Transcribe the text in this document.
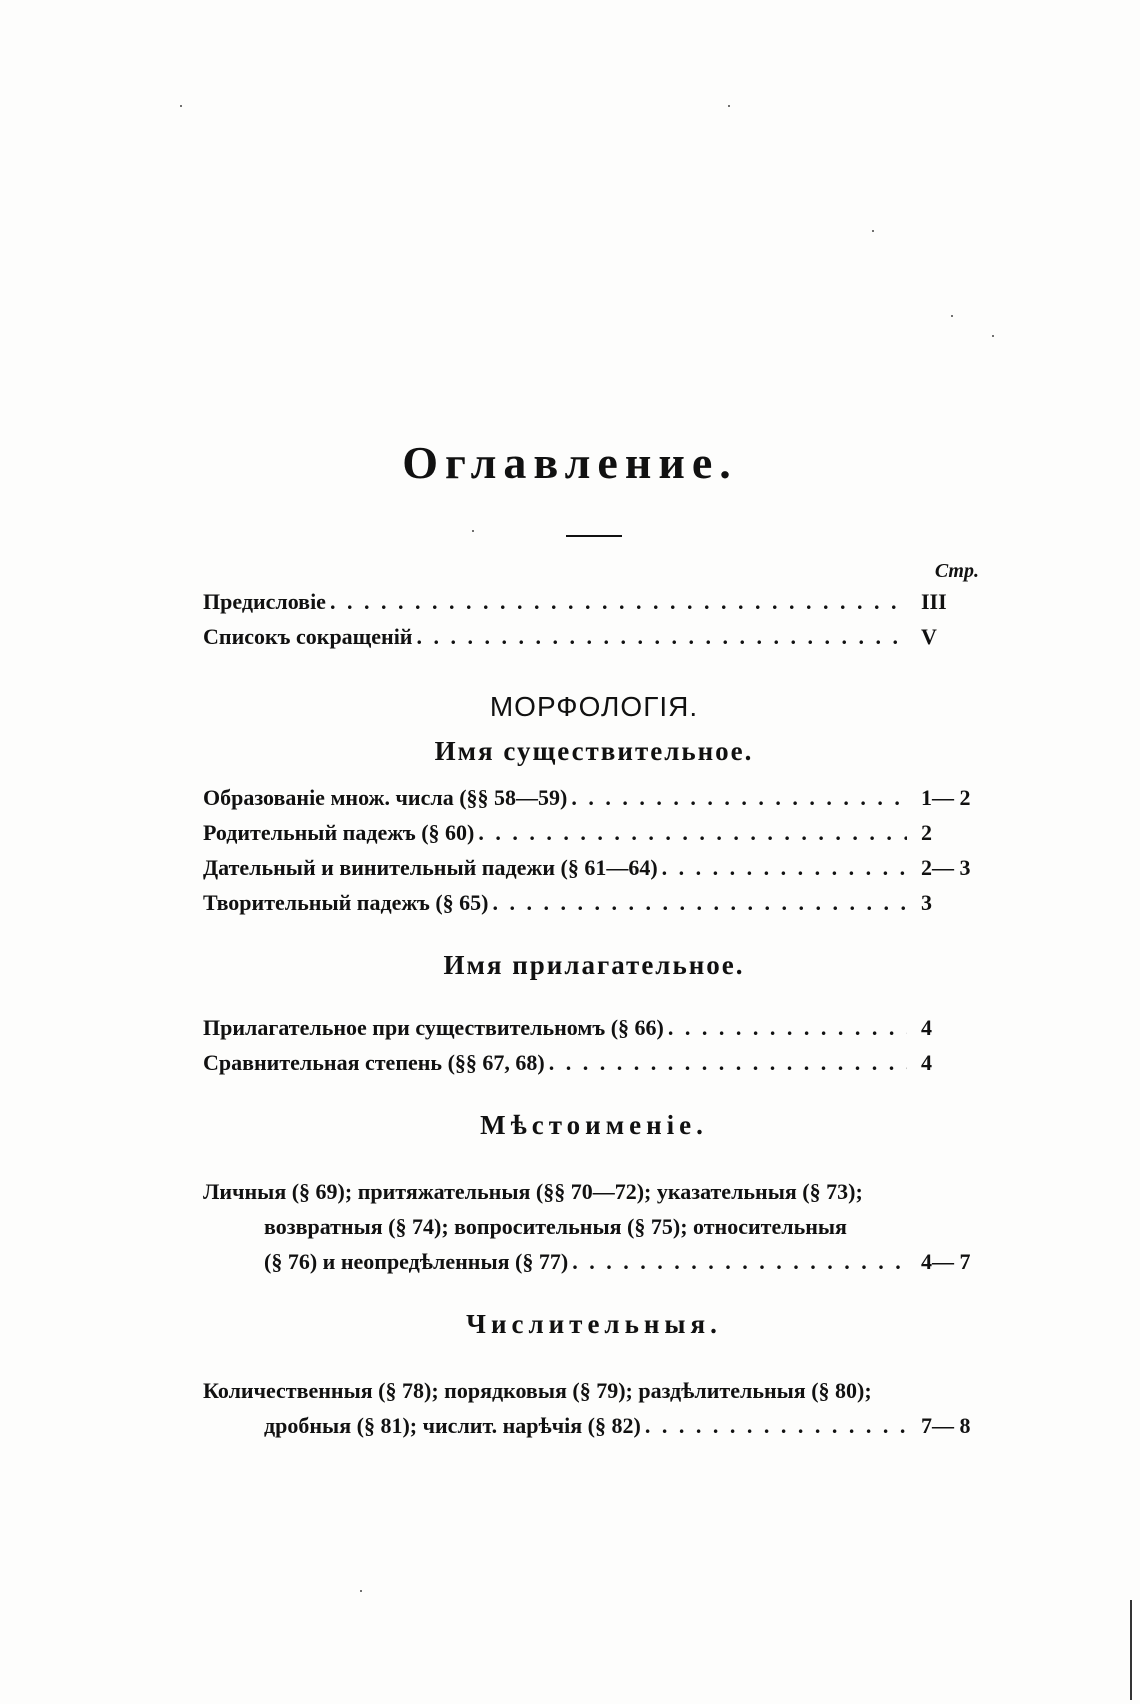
Оглавление.
Стр.
Предисловіе . . .	III
Списокъ сокращеній . . .	V
МОРФОЛОГІЯ.
Имя существительное.
Образованіе множ. числа (§§ 58—59) . . .	1— 2
Родительный падежъ (§ 60) . . .	2
Дательный и винительный падежи (§ 61—64) . . .	2— 3
Творительный падежъ (§ 65) . . .	3
Имя прилагательное.
Прилагательное при существительномъ (§ 66) . . .	4
Сравнительная степень (§§ 67, 68) . . .	4
Мѣстоименіе.
Личныя (§ 69); притяжательныя (§§ 70—72); указательныя (§ 73);
возвратныя (§ 74); вопросительныя (§ 75); относительныя
(§ 76) и неопредѣленныя (§ 77) . . .	4— 7
Числительныя.
Количественныя (§ 78); порядковыя (§ 79); раздѣлительныя (§ 80);
дробныя (§ 81); числит. нарѣчія (§ 82) . . .	7— 8
